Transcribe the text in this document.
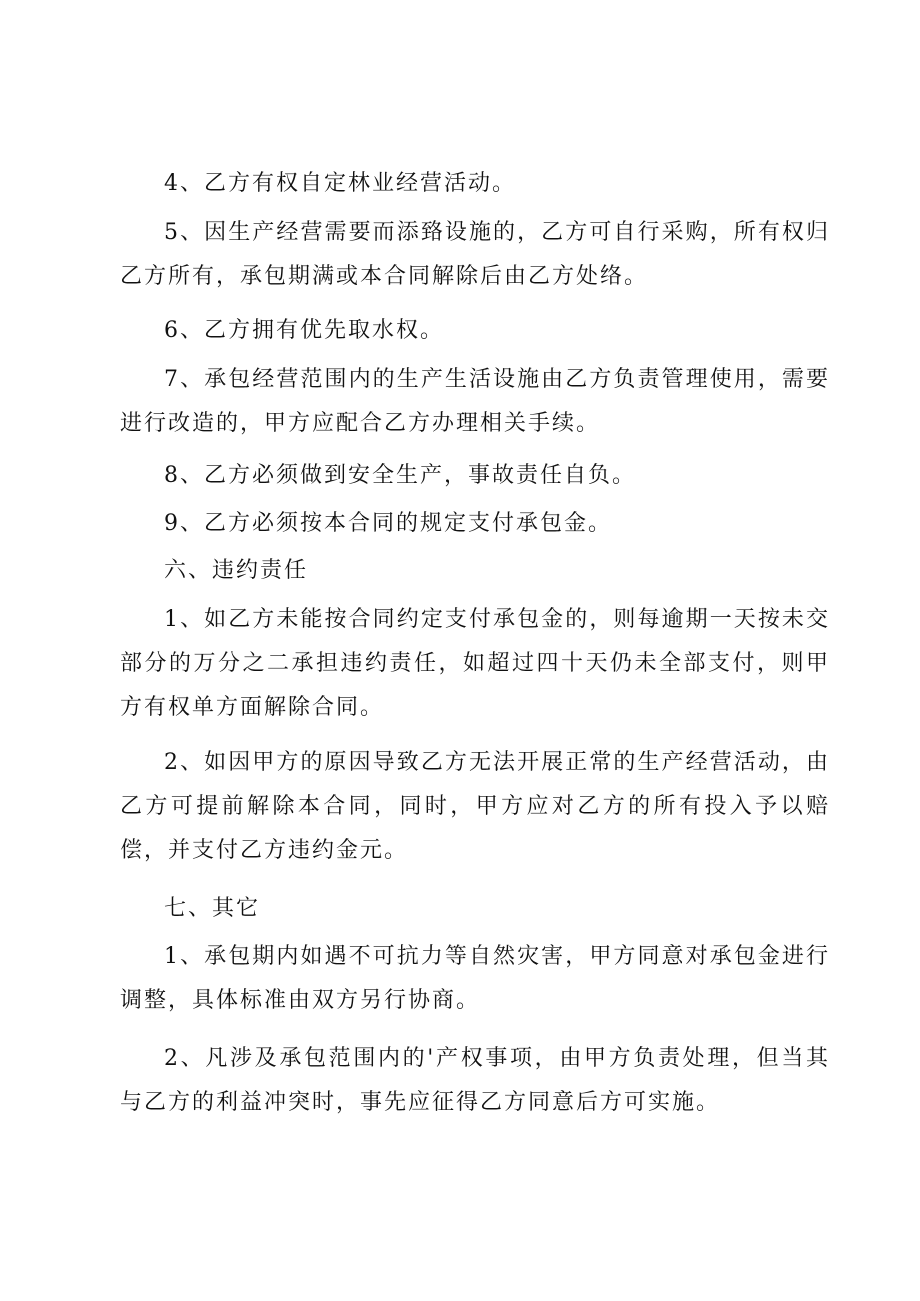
4、乙方有权自定林业经营活动。

5、因生产经营需要而添臵设施的，乙方可自行采购，所有权归乙方所有，承包期满或本合同解除后由乙方处络。

6、乙方拥有优先取水权。

7、承包经营范围内的生产生活设施由乙方负责管理使用，需要进行改造的，甲方应配合乙方办理相关手续。

8、乙方必须做到安全生产，事故责任自负。

9、乙方必须按本合同的规定支付承包金。

六、违约责任

1、如乙方未能按合同约定支付承包金的，则每逾期一天按未交部分的万分之二承担违约责任，如超过四十天仍未全部支付，则甲方有权单方面解除合同。

2、如因甲方的原因导致乙方无法开展正常的生产经营活动，由乙方可提前解除本合同，同时，甲方应对乙方的所有投入予以赔偿，并支付乙方违约金元。

七、其它

1、承包期内如遇不可抗力等自然灾害，甲方同意对承包金进行调整，具体标准由双方另行协商。

2、凡涉及承包范围内的'产权事项，由甲方负责处理，但当其与乙方的利益冲突时，事先应征得乙方同意后方可实施。
